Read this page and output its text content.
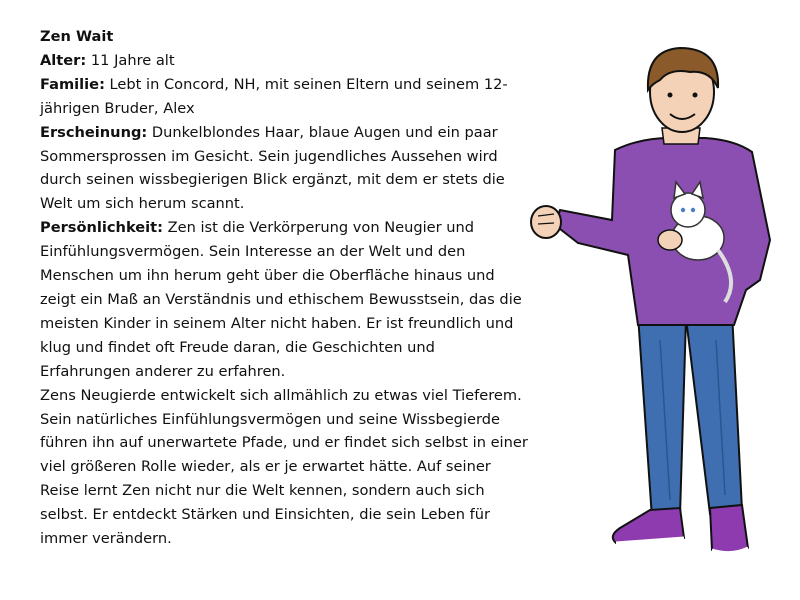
Zen Wait

Alter: 11 Jahre alt

Familie: Lebt in Concord, NH, mit seinen Eltern und seinem 12-jährigen Bruder, Alex

Erscheinung: Dunkelblondes Haar, blaue Augen und ein paar Sommersprossen im Gesicht. Sein jugendliches Aussehen wird durch seinen wissbegierigen Blick ergänzt, mit dem er stets die Welt um sich herum scannt.

Persönlichkeit: Zen ist die Verkörperung von Neugier und Einfühlungsvermögen. Sein Interesse an der Welt und den Menschen um ihn herum geht über die Oberfläche hinaus und zeigt ein Maß an Verständnis und ethischem Bewusstsein, das die meisten Kinder in seinem Alter nicht haben. Er ist freundlich und klug und findet oft Freude daran, die Geschichten und Erfahrungen anderer zu erfahren.

Zens Neugierde entwickelt sich allmählich zu etwas viel Tieferem. Sein natürliches Einfühlungsvermögen und seine Wissbegierde führen ihn auf unerwartete Pfade, und er findet sich selbst in einer viel größeren Rolle wieder, als er je erwartet hätte. Auf seiner Reise lernt Zen nicht nur die Welt kennen, sondern auch sich selbst. Er entdeckt Stärken und Einsichten, die sein Leben für immer verändern.
